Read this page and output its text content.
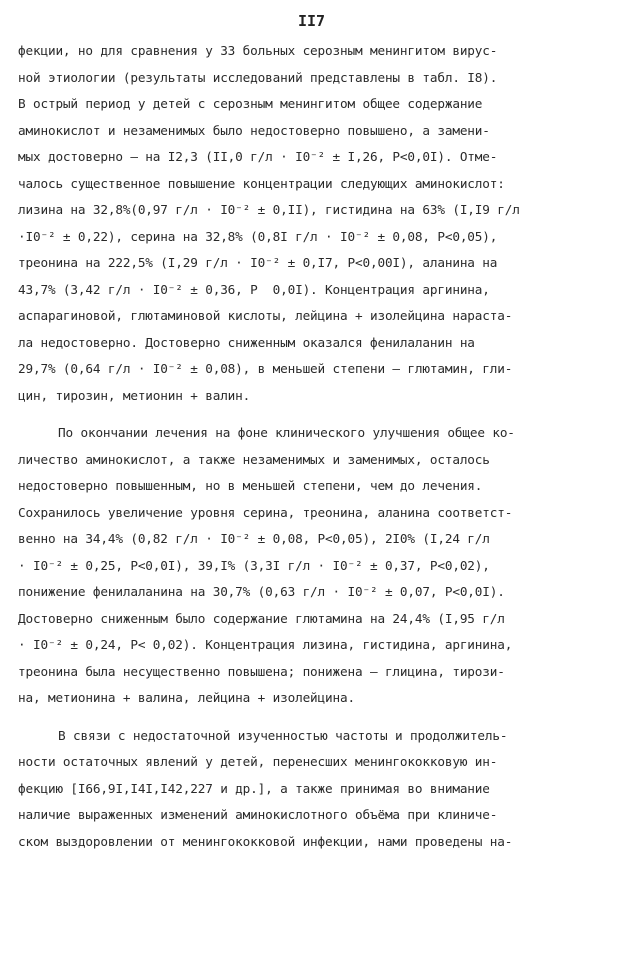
II7
фекции, но для сравнения у 33 больных серозным менингитом вирус-
ной этиологии (результаты исследований представлены в табл. I8).
В острый период у детей с серозным менингитом общее содержание
аминокислот и незаменимых было недостоверно повышено, а замени-
мых достоверно – на I2,3 (II,0 г/л · I0⁻² ± I,26, P<0,0I). Отме-
чалось существенное повышение концентрации следующих аминокислот:
лизина на 32,8%(0,97 г/л · I0⁻² ± 0,II), гистидина на 63% (I,I9 г/л
·I0⁻² ± 0,22), серина на 32,8% (0,8I г/л · I0⁻² ± 0,08, P<0,05),
треонина на 222,5% (I,29 г/л · I0⁻² ± 0,I7, P<0,00I), аланина на
43,7% (3,42 г/л · I0⁻² ± 0,36, P  0,0I). Концентрация аргинина,
аспарагиновой, глютаминовой кислоты, лейцина + изолейцина нараста-
ла недостоверно. Достоверно сниженным оказался фенилаланин на
29,7% (0,64 г/л · I0⁻² ± 0,08), в меньшей степени – глютамин, гли-
цин, тирозин, метионин + валин.
По окончании лечения на фоне клинического улучшения общее ко-
личество аминокислот, а также незаменимых и заменимых, осталось
недостоверно повышенным, но в меньшей степени, чем до лечения.
Сохранилось увеличение уровня серина, треонина, аланина соответст-
венно на 34,4% (0,82 г/л · I0⁻² ± 0,08, P<0,05), 2I0% (I,24 г/л
· I0⁻² ± 0,25, P<0,0I), 39,I% (3,3I г/л · I0⁻² ± 0,37, P<0,02),
понижение фенилаланина на 30,7% (0,63 г/л · I0⁻² ± 0,07, P<0,0I).
Достоверно сниженным было содержание глютамина на 24,4% (I,95 г/л
· I0⁻² ± 0,24, P< 0,02). Концентрация лизина, гистидина, аргинина,
треонина была несущественно повышена; понижена – глицина, тирози-
на, метионина + валина, лейцина + изолейцина.
В связи с недостаточной изученностью частоты и продолжитель-
ности остаточных явлений у детей, перенесших менингококковую ин-
фекцию [I66,9I,I4I,I42,227 и др.], а также принимая во внимание
наличие выраженных изменений аминокислотного объёма при клиниче-
ском выздоровлении от менингококковой инфекции, нами проведены на-
